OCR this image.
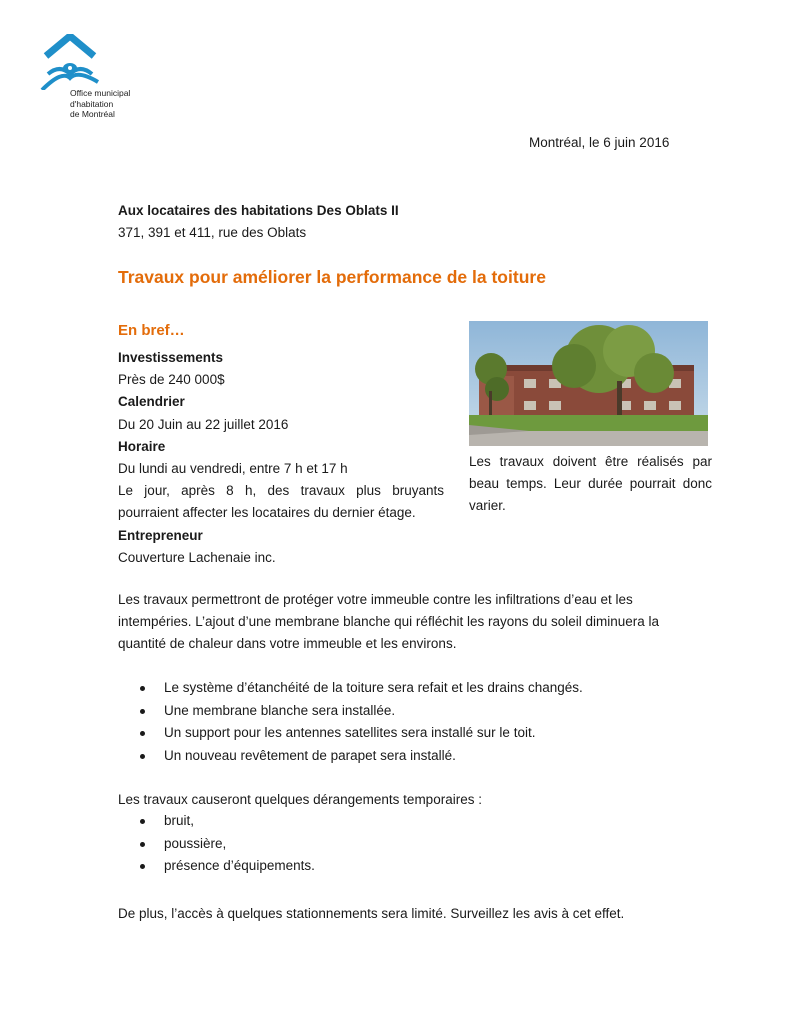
Office municipal
d'habitation
de Montréal
Montréal, le 6 juin 2016
Aux locataires des habitations Des Oblats II
371, 391 et 411, rue des Oblats
Travaux pour améliorer la performance de la toiture
En bref…
Investissements
Près de 240 000$
Calendrier
Du 20 Juin au 22 juillet 2016
Horaire
Du lundi au vendredi, entre 7 h et 17 h
Le jour, après 8 h, des travaux plus bruyants pourraient affecter les locataires du dernier étage.
Entrepreneur
Couverture Lachenaie inc.
Les travaux doivent être réalisés par beau temps. Leur durée pourrait donc varier.
Les travaux permettront de protéger votre immeuble contre les infiltrations d’eau et les intempéries. L’ajout d’une membrane blanche qui réfléchit les rayons du soleil diminuera la quantité de chaleur dans votre immeuble et les environs.
Le système d’étanchéité de la toiture sera refait et les drains changés.
Une membrane blanche sera installée.
Un support pour les antennes satellites sera installé sur le toit.
Un nouveau revêtement de parapet sera installé.
Les travaux causeront quelques dérangements temporaires :
bruit,
poussière,
présence d’équipements.
De plus, l’accès à quelques stationnements sera limité. Surveillez les avis à cet effet.
